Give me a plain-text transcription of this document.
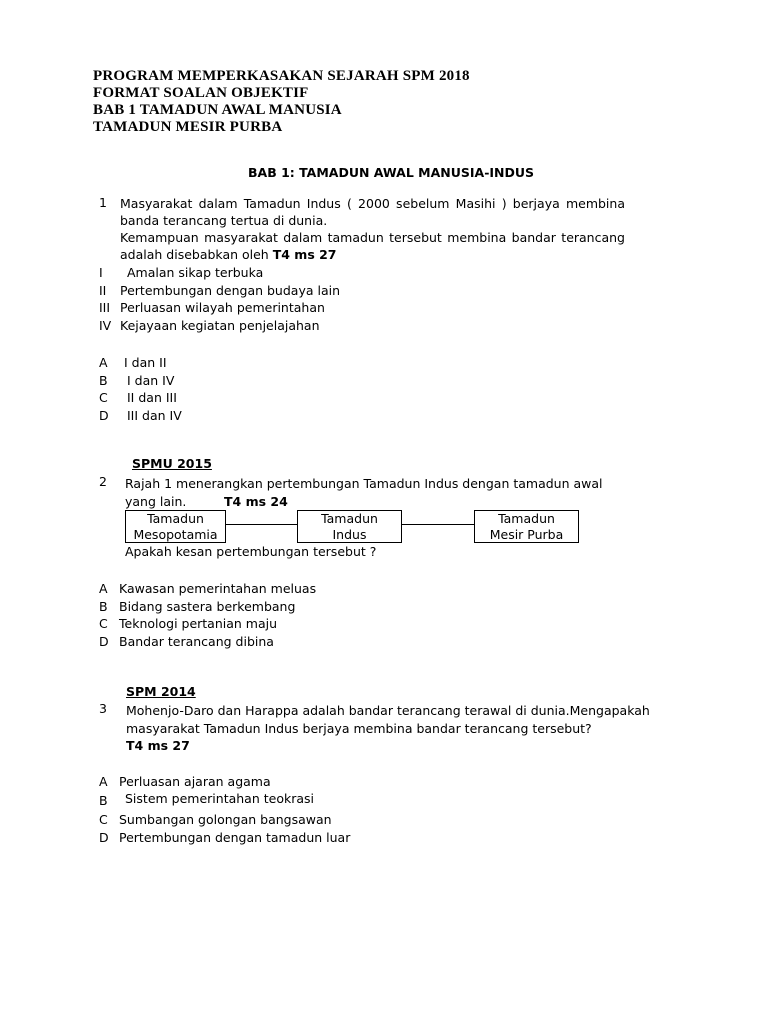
PROGRAM MEMPERKASAKAN SEJARAH SPM 2018
FORMAT SOALAN OBJEKTIF
BAB 1 TAMADUN AWAL MANUSIA
TAMADUN MESIR PURBA
BAB 1: TAMADUN AWAL MANUSIA-INDUS
1 Masyarakat dalam Tamadun Indus ( 2000 sebelum Masihi ) berjaya membina banda terancang tertua di dunia.
Kemampuan masyarakat dalam tamadun tersebut membina bandar terancang adalah disebabkan oleh T4 ms 27
I Amalan sikap terbuka
II Pertembungan dengan budaya lain
III Perluasan wilayah pemerintahan
IV Kejayaan kegiatan penjelajahan
A I dan II
B I dan IV
C II dan III
D III dan IV
SPMU 2015
2 Rajah 1 menerangkan pertembungan Tamadun Indus dengan tamadun awal
yang lain.	T4 ms 24
Tamadun
Mesopotamia
Tamadun
Indus
Tamadun
Mesir Purba
Apakah kesan pertembungan tersebut ?
A Kawasan pemerintahan meluas
B Bidang sastera berkembang
C Teknologi pertanian maju
D Bandar terancang dibina
SPM 2014
3 Mohenjo-Daro dan Harappa adalah bandar terancang terawal di dunia.Mengapakah
masyarakat Tamadun Indus berjaya membina bandar terancang tersebut?
T4 ms 27
A Perluasan ajaran agama
B Sistem pemerintahan teokrasi
C Sumbangan golongan bangsawan
D Pertembungan dengan tamadun luar
